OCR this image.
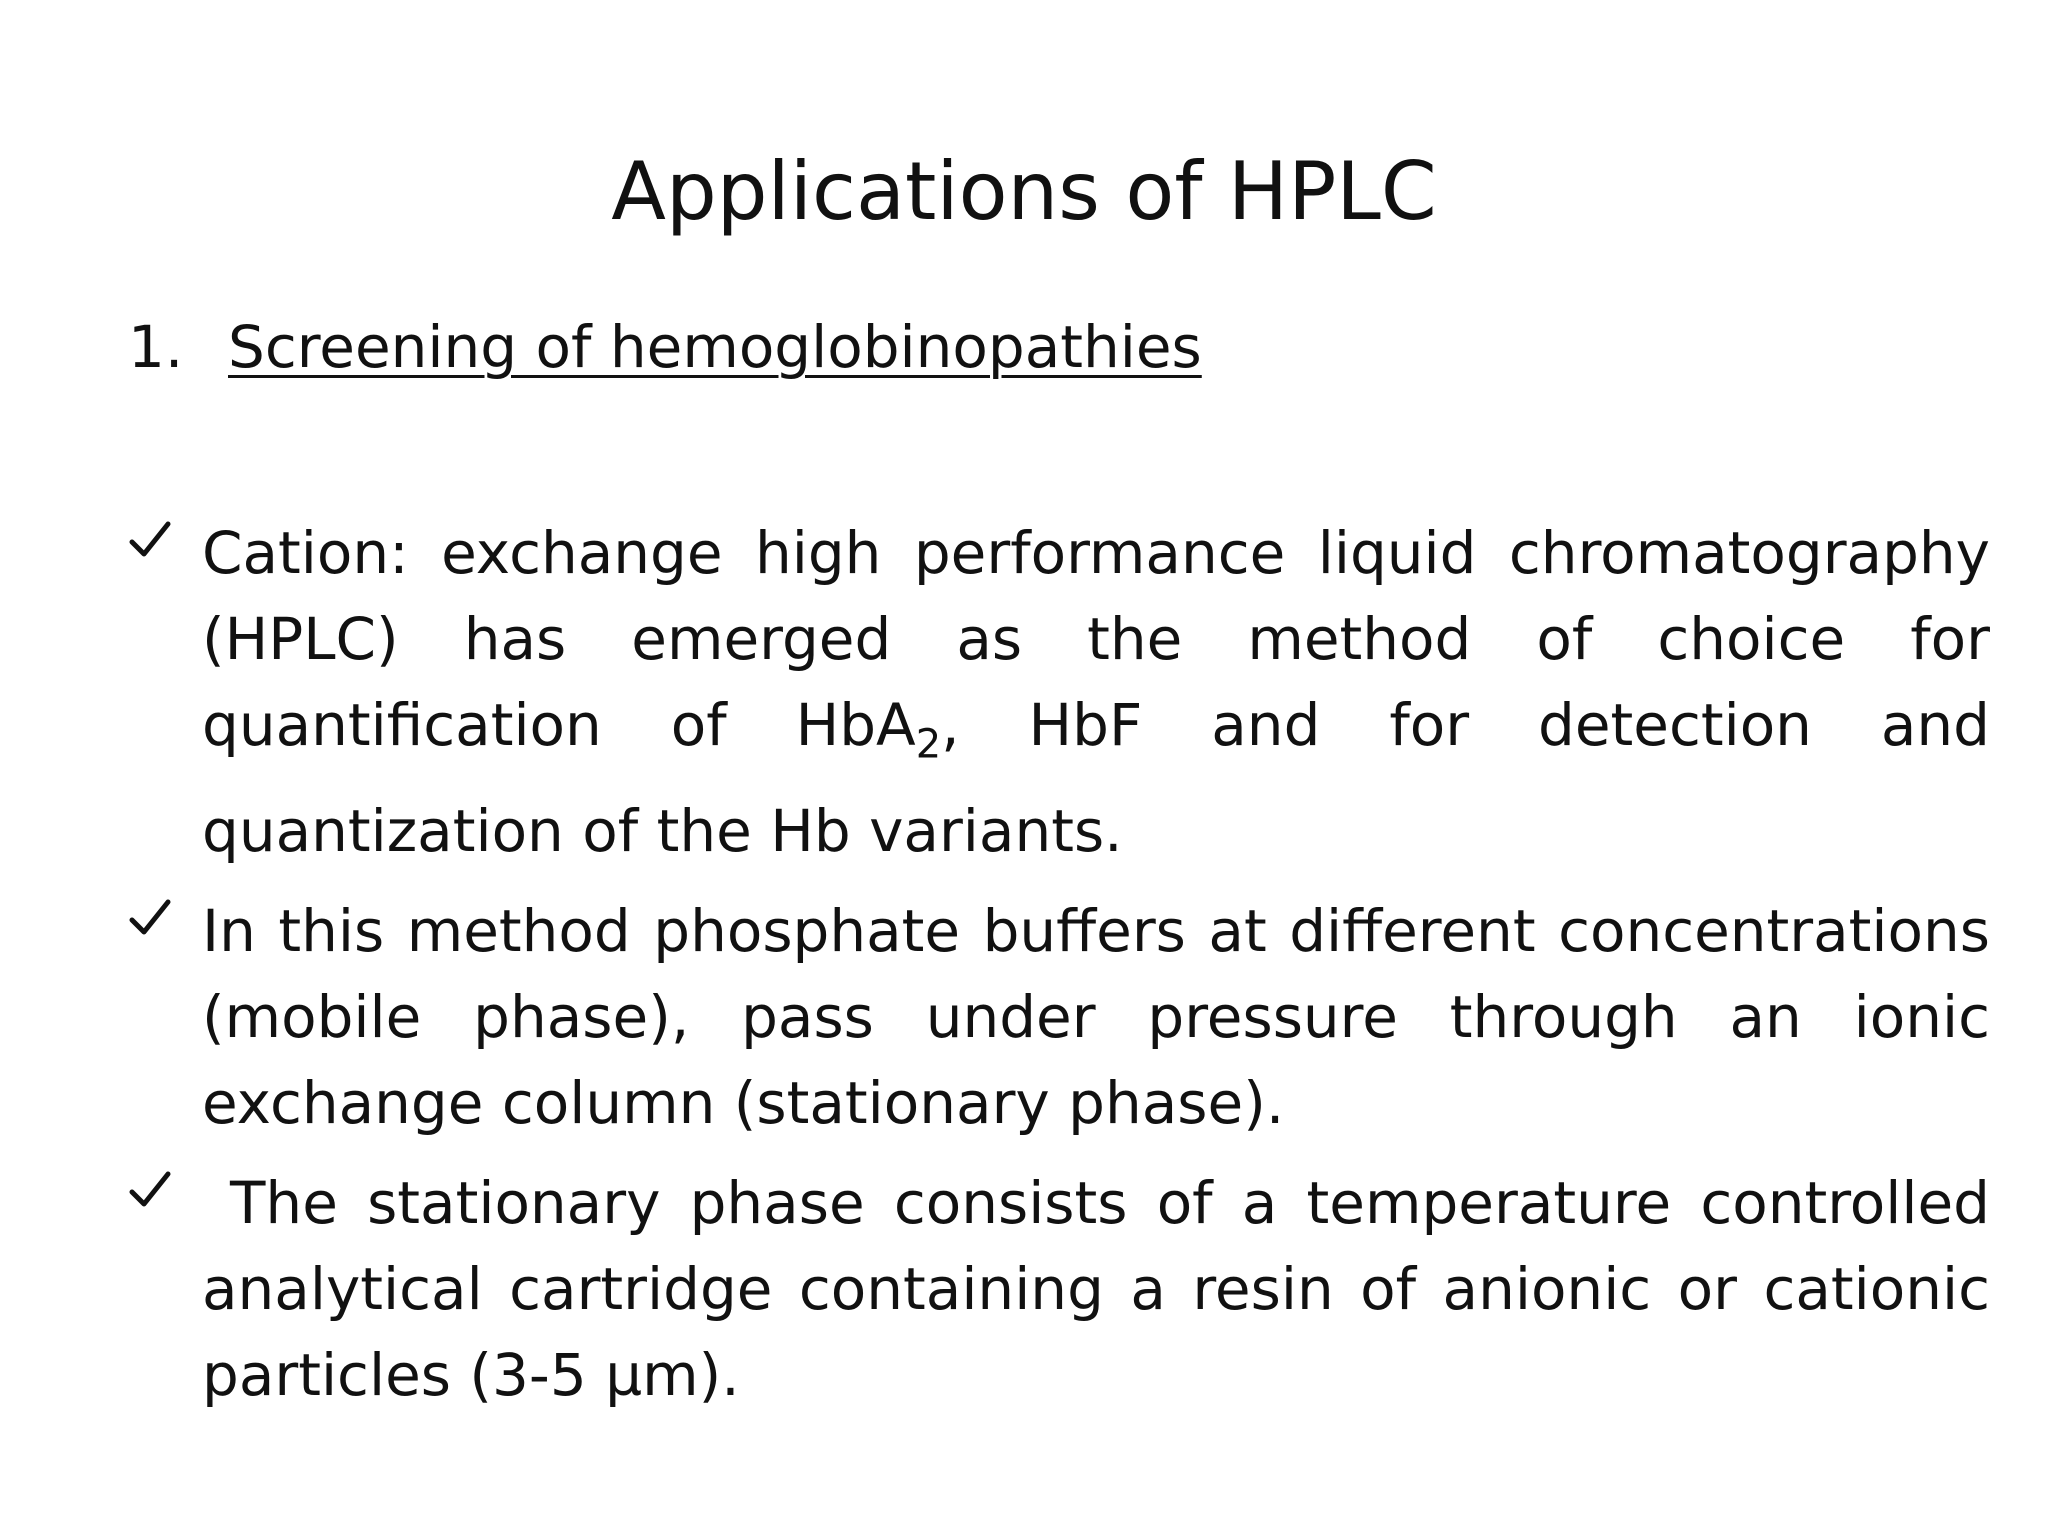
Applications of HPLC
1. Screening of hemoglobinopathies
Cation: exchange high performance liquid chromatography (HPLC) has emerged as the method of choice for quantification of HbA$_2$, HbF and for detection and quantization of the Hb variants.
In this method phosphate buffers at different concentrations (mobile phase), pass under pressure through an ionic exchange column (stationary phase).
The stationary phase consists of a temperature controlled analytical cartridge containing a resin of anionic or cationic particles (3-5 µm).
